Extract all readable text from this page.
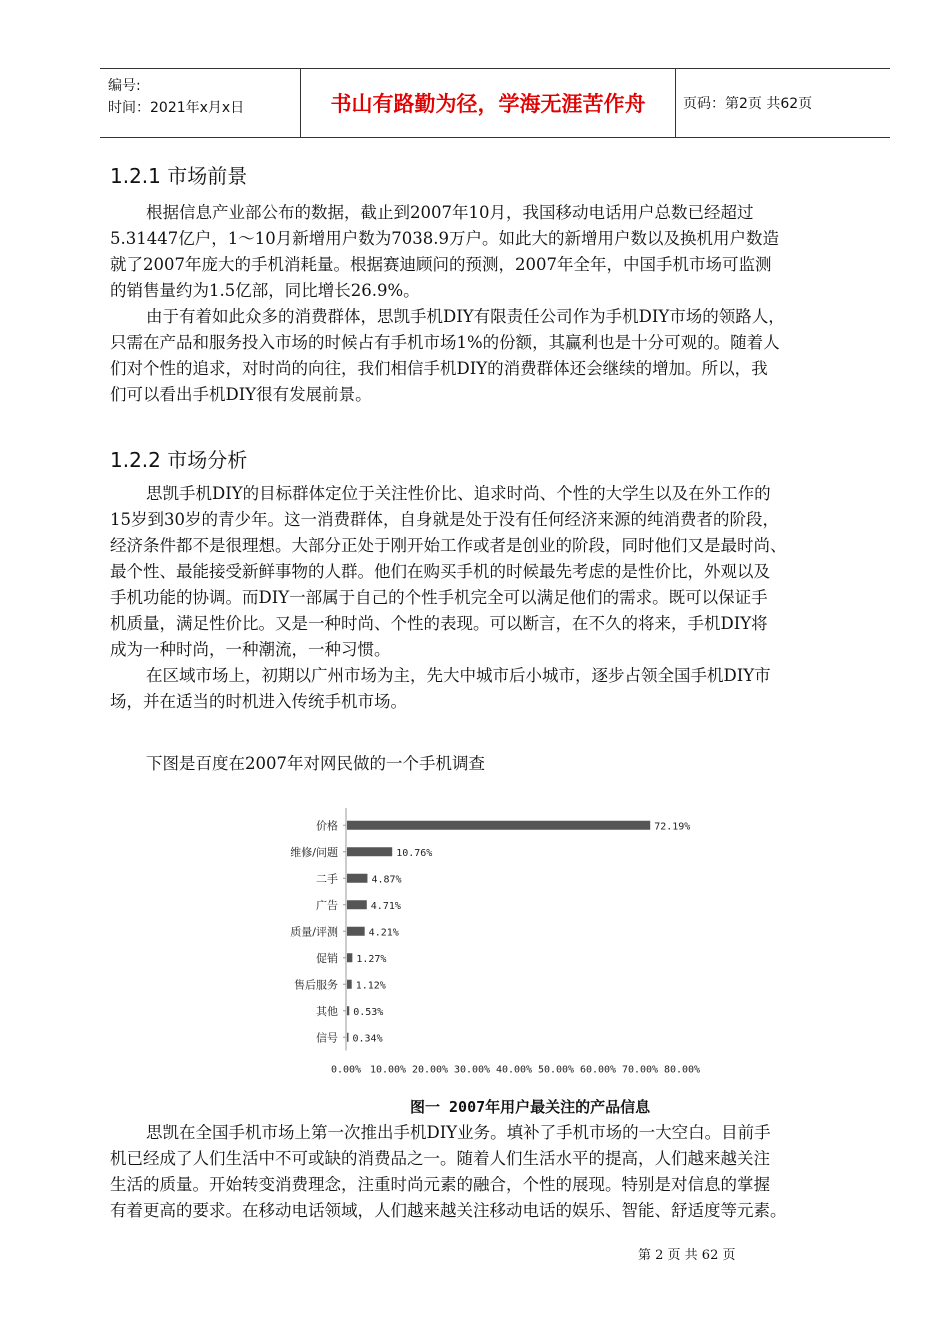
编号:
时间：2021年x月x日	书山有路勤为径，学海无涯苦作舟	页码：第2页 共62页
1.2.1 市场前景
根据信息产业部公布的数据，截止到2007年10月，我国移动电话用户总数已经超过
5.31447亿户，1～10月新增用户数为7038.9万户。如此大的新增用户数以及换机用户数造
就了2007年庞大的手机消耗量。根据赛迪顾问的预测，2007年全年，中国手机市场可监测
的销售量约为1.5亿部，同比增长26.9%。
由于有着如此众多的消费群体，思凯手机DIY有限责任公司作为手机DIY市场的领路人，
只需在产品和服务投入市场的时候占有手机市场1%的份额，其赢利也是十分可观的。随着人
们对个性的追求，对时尚的向往，我们相信手机DIY的消费群体还会继续的增加。所以，我
们可以看出手机DIY很有发展前景。
1.2.2 市场分析
思凯手机DIY的目标群体定位于关注性价比、追求时尚、个性的大学生以及在外工作的
15岁到30岁的青少年。这一消费群体，自身就是处于没有任何经济来源的纯消费者的阶段，
经济条件都不是很理想。大部分正处于刚开始工作或者是创业的阶段，同时他们又是最时尚、
最个性、最能接受新鲜事物的人群。他们在购买手机的时候最先考虑的是性价比，外观以及
手机功能的协调。而DIY一部属于自己的个性手机完全可以满足他们的需求。既可以保证手
机质量，满足性价比。又是一种时尚、个性的表现。可以断言，在不久的将来，手机DIY将
成为一种时尚，一种潮流，一种习惯。
在区域市场上，初期以广州市场为主，先大中城市后小城市，逐步占领全国手机DIY市
场，并在适当的时机进入传统手机市场。
下图是百度在2007年对网民做的一个手机调查
价格	72.19%
维修/问题	10.76%
二手	4.87%
广告	4.71%
质量/评测	4.21%
促销 1.27%
售后服务 1.12%
其他 0.53%
信号 0.34%
0.00% 10.00% 20.00% 30.00% 40.00% 50.00% 60.00% 70.00% 80.00%
图一 2007年用户最关注的产品信息
思凯在全国手机市场上第一次推出手机DIY业务。填补了手机市场的一大空白。目前手
机已经成了人们生活中不可或缺的消费品之一。随着人们生活水平的提高，人们越来越关注
生活的质量。开始转变消费理念，注重时尚元素的融合，个性的展现。特别是对信息的掌握
有着更高的要求。在移动电话领域，人们越来越关注移动电话的娱乐、智能、舒适度等元素。
第 2 页 共 62 页
